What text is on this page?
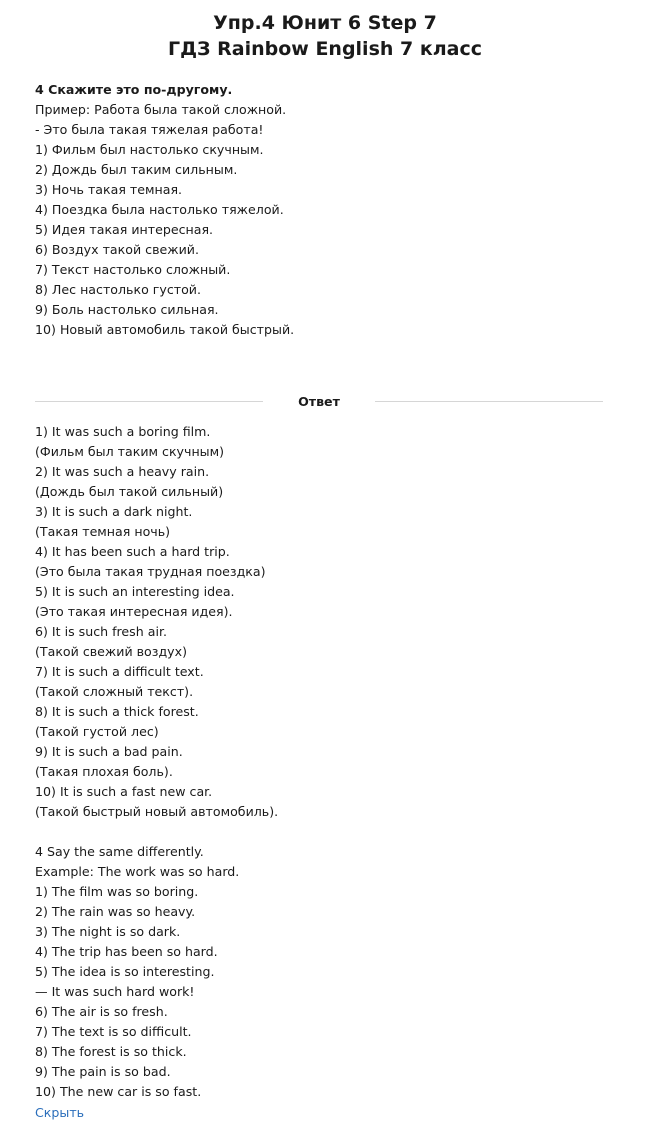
Упр.4 Юнит 6 Step 7
ГДЗ Rainbow English 7 класс
4 Скажите это по-другому.
Пример: Работа была такой сложной.
- Это была такая тяжелая работа!
1) Фильм был настолько скучным.
2) Дождь был таким сильным.
3) Ночь такая темная.
4) Поездка была настолько тяжелой.
5) Идея такая интересная.
6) Воздух такой свежий.
7) Текст настолько сложный.
8) Лес настолько густой.
9) Боль настолько сильная.
10) Новый автомобиль такой быстрый.
Ответ
1) It was such a boring film.
(Фильм был таким скучным)
2) It was such a heavy rain.
(Дождь был такой сильный)
3) It is such a dark night.
(Такая темная ночь)
4) It has been such a hard trip.
(Это была такая трудная поездка)
5) It is such an interesting idea.
(Это такая интересная идея).
6) It is such fresh air.
(Такой свежий воздух)
7) It is such a difficult text.
(Такой сложный текст).
8) It is such a thick forest.
(Такой густой лес)
9) It is such a bad pain.
(Такая плохая боль).
10) It is such a fast new car.
(Такой быстрый новый автомобиль).
4 Say the same differently.
Example: The work was so hard.
1) The film was so boring.
2) The rain was so heavy.
3) The night is so dark.
4) The trip has been so hard.
5) The idea is so interesting.
— It was such hard work!
6) The air is so fresh.
7) The text is so difficult.
8) The forest is so thick.
9) The pain is so bad.
10) The new car is so fast.
Скрыть
